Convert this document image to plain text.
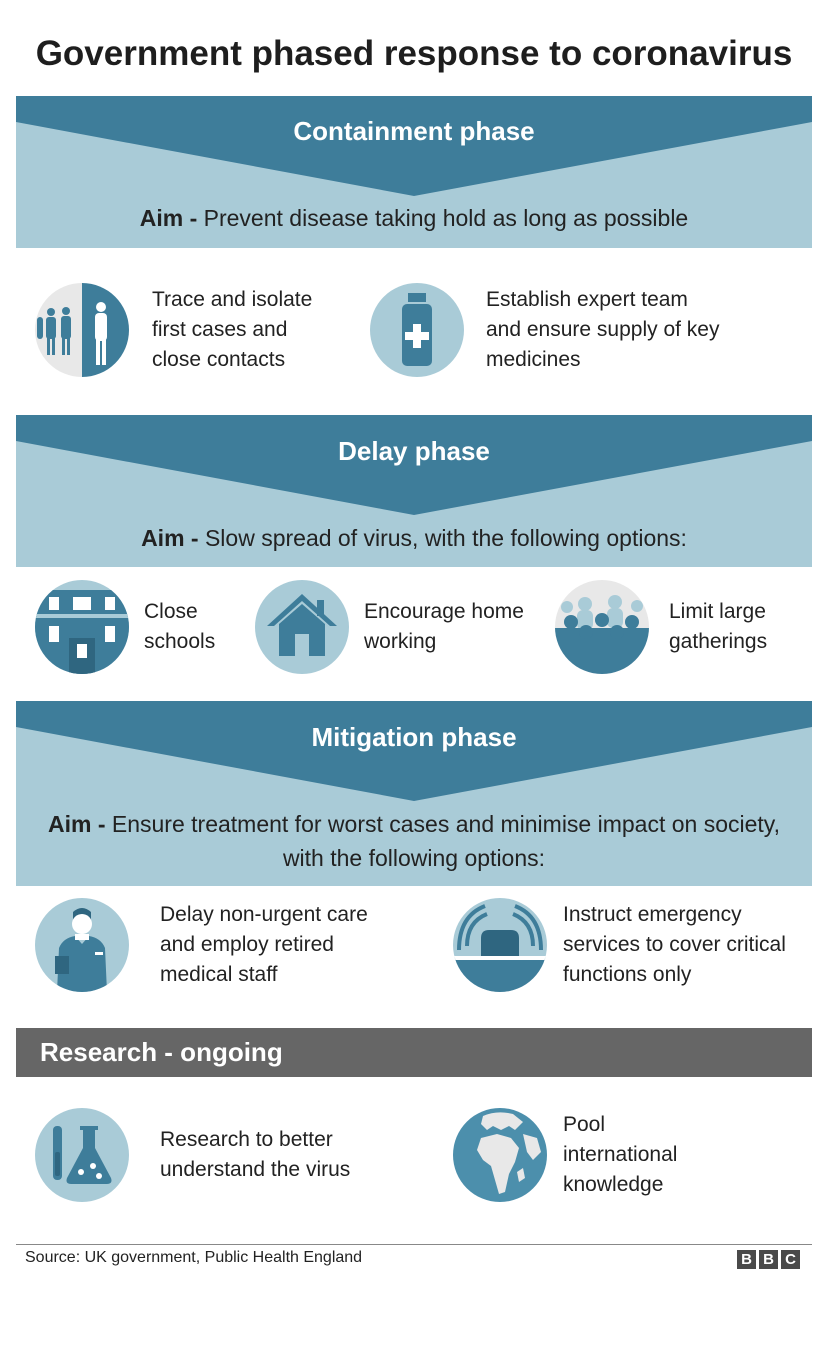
Government phased response to coronavirus
Containment phase
Aim - Prevent disease taking hold as long as possible
Trace and isolate first cases and close contacts
Establish expert team and ensure supply of key medicines
Delay phase
Aim - Slow spread of virus, with the following options:
Close schools
Encourage home working
Limit large gatherings
Mitigation phase
Aim - Ensure treatment for worst cases and minimise impact on society, with the following options:
Delay non-urgent care and employ retired medical staff
Instruct emergency services to cover critical functions only
Research - ongoing
Research to better understand the virus
Pool international knowledge
Source: UK government, Public Health England	B B C
